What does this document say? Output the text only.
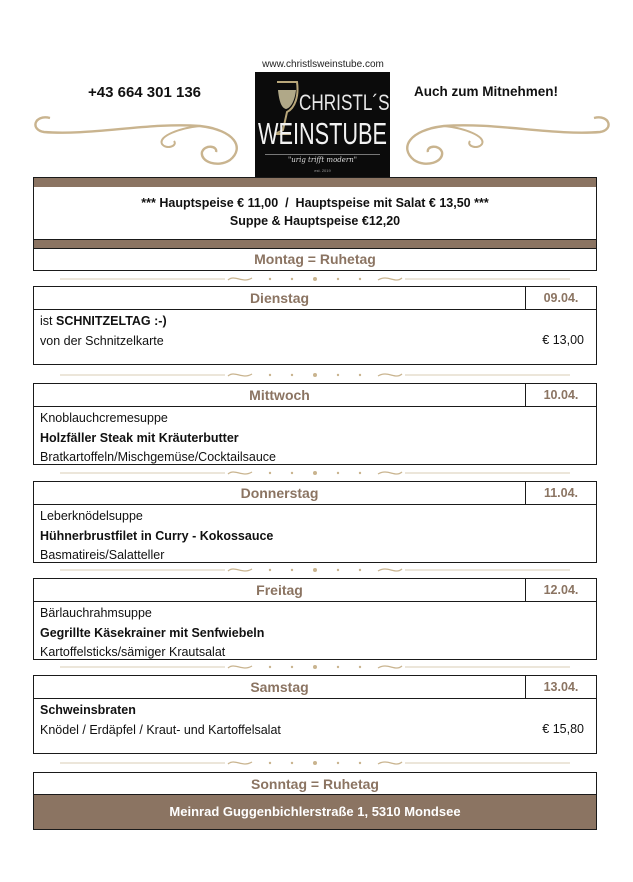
www.christlsweinstube.com
+43 664 301 136	Auch zum Mitnehmen!
CHRISTL´S
WEINSTUBE
"urig trifft modern"
est. 2019
*** Hauptspeise € 11,00  /  Hauptspeise mit Salat € 13,50 ***
Suppe & Hauptspeise €12,20
Montag = Ruhetag
Dienstag	09.04.
ist SCHNITZELTAG :-)
von der Schnitzelkarte	€ 13,00
Mittwoch	10.04.
Knoblauchcremesuppe
Holzfäller Steak mit Kräuterbutter
Bratkartoffeln/Mischgemüse/Cocktailsauce
Donnerstag	11.04.
Leberknödelsuppe
Hühnerbrustfilet in Curry - Kokossauce
Basmatireis/Salatteller
Freitag	12.04.
Bärlauchrahmsuppe
Gegrillte Käsekrainer mit Senfwiebeln
Kartoffelsticks/sämiger Krautsalat
Samstag	13.04.
Schweinsbraten
Knödel / Erdäpfel / Kraut- und Kartoffelsalat	€ 15,80
Sonntag = Ruhetag
Meinrad Guggenbichlerstraße 1, 5310 Mondsee
